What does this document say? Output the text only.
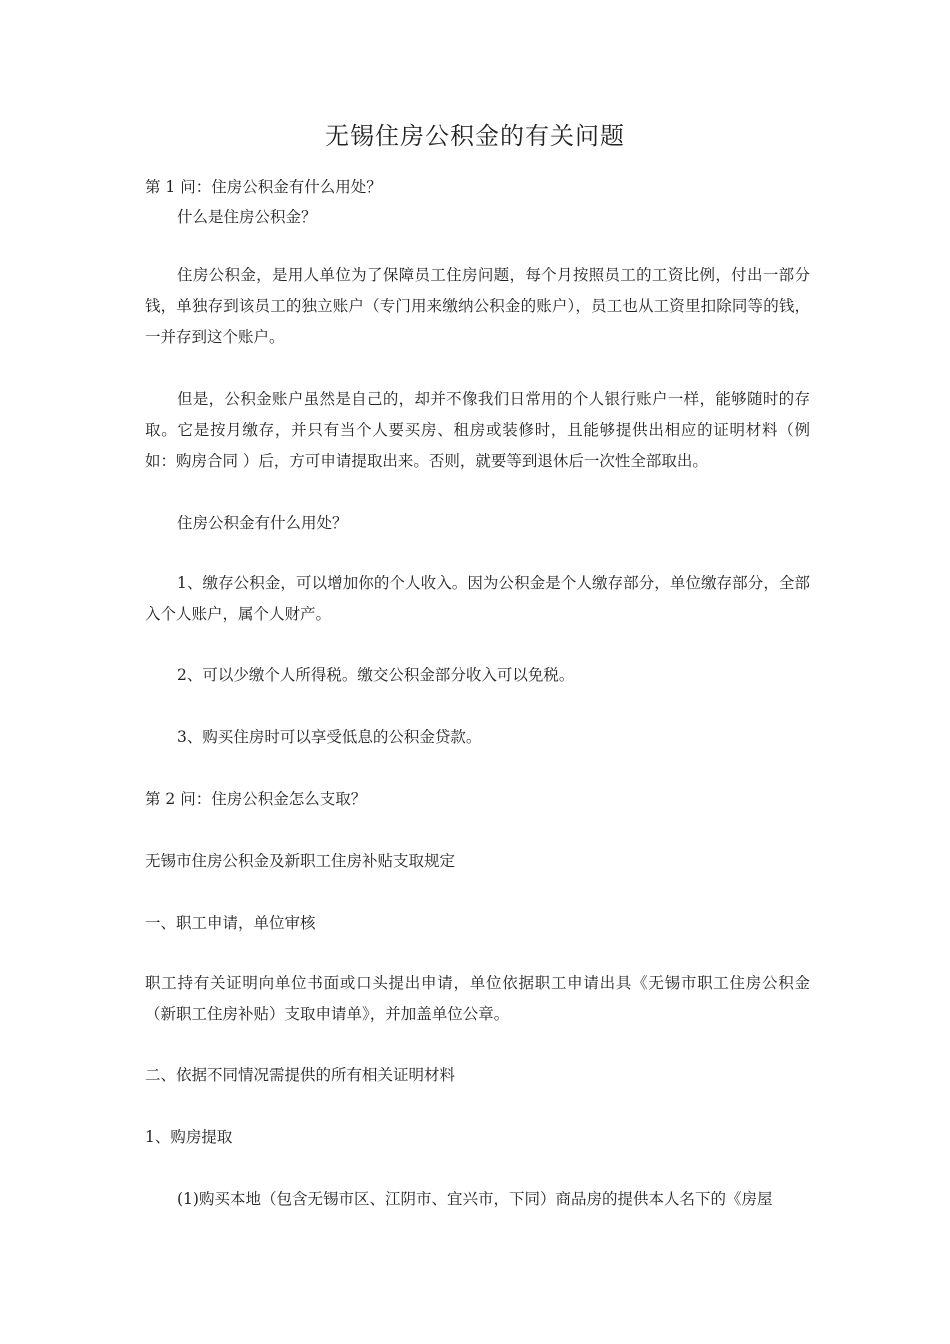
无锡住房公积金的有关问题
第 1 问：住房公积金有什么用处？
什么是住房公积金？
住房公积金，是用人单位为了保障员工住房问题，每个月按照员工的工资比例，付出一部分钱，单独存到该员工的独立账户（专门用来缴纳公积金的账户），员工也从工资里扣除同等的钱，一并存到这个账户。
但是，公积金账户虽然是自己的，却并不像我们日常用的个人银行账户一样，能够随时的存取。它是按月缴存，并只有当个人要买房、租房或装修时，且能够提供出相应的证明材料（例如：购房合同 ）后，方可申请提取出来。否则，就要等到退休后一次性全部取出。
住房公积金有什么用处？
1、缴存公积金，可以增加你的个人收入。因为公积金是个人缴存部分，单位缴存部分，全部入个人账户，属个人财产。
2、可以少缴个人所得税。缴交公积金部分收入可以免税。
3、购买住房时可以享受低息的公积金贷款。
第 2 问：住房公积金怎么支取？
无锡市住房公积金及新职工住房补贴支取规定
一、职工申请，单位审核
职工持有关证明向单位书面或口头提出申请，单位依据职工申请出具《无锡市职工住房公积金（新职工住房补贴）支取申请单》，并加盖单位公章。
二、依据不同情况需提供的所有相关证明材料
1、购房提取
(1)购买本地（包含无锡市区、江阴市、宜兴市，下同）商品房的提供本人名下的《房屋
